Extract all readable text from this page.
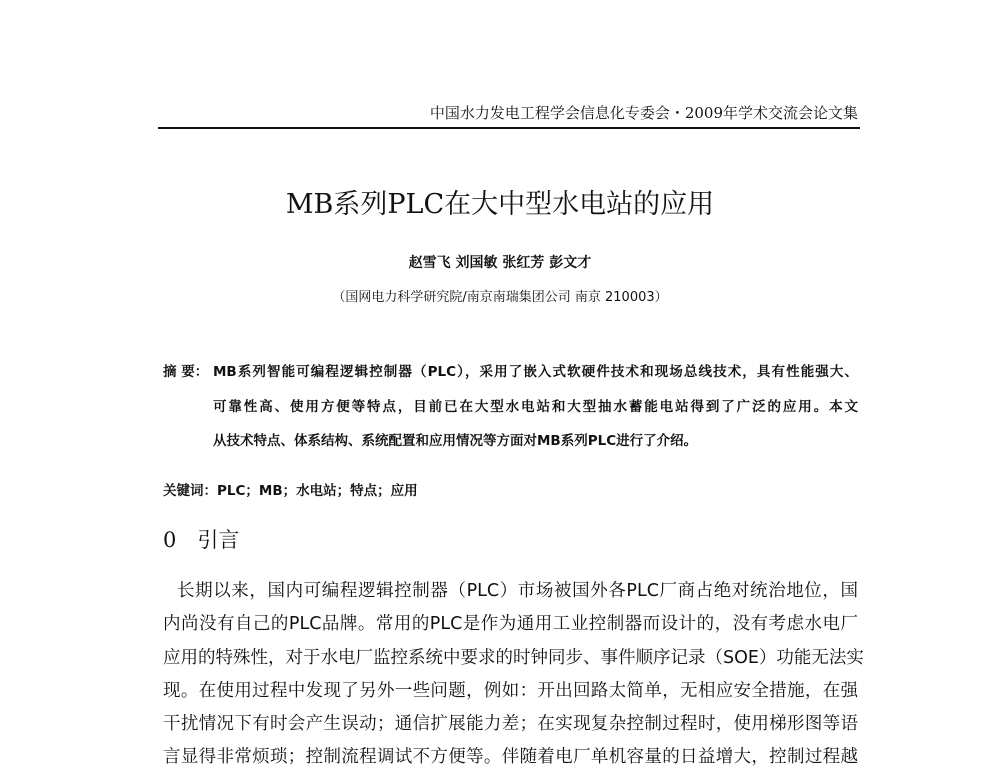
中国水力发电工程学会信息化专委会・2009年学术交流会论文集
MB系列PLC在大中型水电站的应用
赵雪飞 刘国敏 张红芳 彭文才
（国网电力科学研究院/南京南瑞集团公司 南京 210003）
摘 要： MB系列智能可编程逻辑控制器（PLC），采用了嵌入式软硬件技术和现场总线技术，具有性能强大、
可靠性高、使用方便等特点，目前已在大型水电站和大型抽水蓄能电站得到了广泛的应用。本文
从技术特点、体系结构、系统配置和应用情况等方面对MB系列PLC进行了介绍。
关键词：PLC；MB；水电站；特点；应用
0　引言
长期以来，国内可编程逻辑控制器（PLC）市场被国外各PLC厂商占绝对统治地位，国
内尚没有自己的PLC品牌。常用的PLC是作为通用工业控制器而设计的，没有考虑水电厂
应用的特殊性，对于水电厂监控系统中要求的时钟同步、事件顺序记录（SOE）功能无法实
现。在使用过程中发现了另外一些问题，例如：开出回路太简单，无相应安全措施，在强
干扰情况下有时会产生误动；通信扩展能力差；在实现复杂控制过程时，使用梯形图等语
言显得非常烦琐；控制流程调试不方便等。伴随着电厂单机容量的日益增大，控制过程越
